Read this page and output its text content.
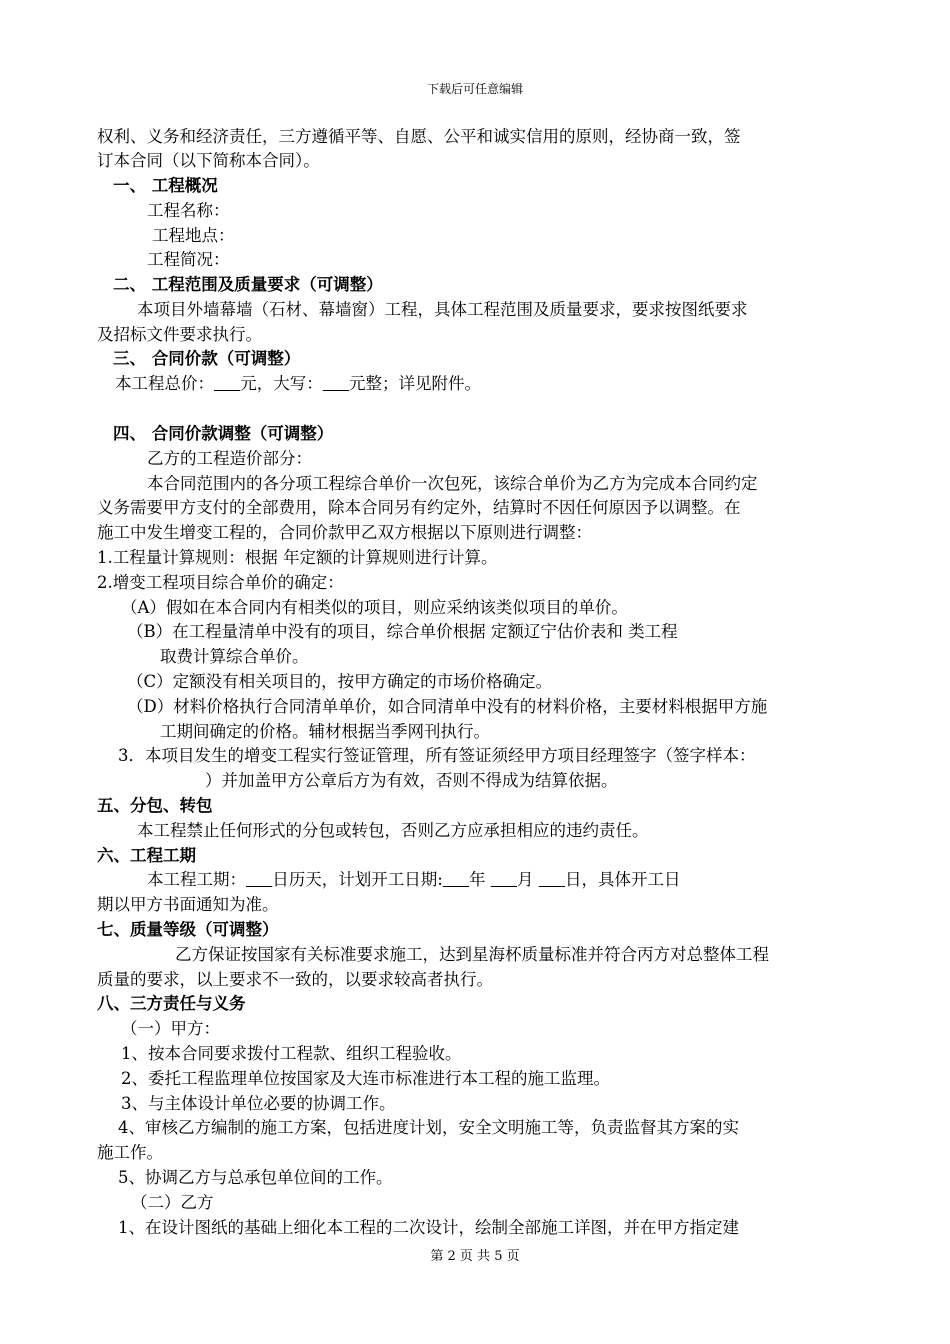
下载后可任意编辑
权利、义务和经济责任，三方遵循平等、自愿、公平和诚实信用的原则，经协商一致，签
订本合同（以下简称本合同）。
一、 工程概况
工程名称：
工程地点：
工程简况：
二、 工程范围及质量要求（可调整）
本项目外墙幕墙（石材、幕墙窗）工程，具体工程范围及质量要求，要求按图纸要求
及招标文件要求执行。
三、 合同价款（可调整）
本工程总价： 元，大写： 元整；详见附件。
四、 合同价款调整（可调整）
乙方的工程造价部分：
本合同范围内的各分项工程综合单价一次包死，该综合单价为乙方为完成本合同约定
义务需要甲方支付的全部费用，除本合同另有约定外，结算时不因任何原因予以调整。在
施工中发生增变工程的，合同价款甲乙双方根据以下原则进行调整：
1.工程量计算规则：根据 年定额的计算规则进行计算。
2.增变工程项目综合单价的确定：
（A）假如在本合同内有相类似的项目，则应采纳该类似项目的单价。
（B）在工程量清单中没有的项目，综合单价根据 定额辽宁估价表和 类工程
取费计算综合单价。
（C）定额没有相关项目的，按甲方确定的市场价格确定。
（D）材料价格执行合同清单单价，如合同清单中没有的材料价格，主要材料根据甲方施
工期间确定的价格。辅材根据当季网刊执行。
3．本项目发生的增变工程实行签证管理，所有签证须经甲方项目经理签字（签字样本：
）并加盖甲方公章后方为有效，否则不得成为结算依据。
五、分包、转包
本工程禁止任何形式的分包或转包，否则乙方应承担相应的违约责任。
六、工程工期
本工程工期： 日历天，计划开工日期: 年      月      日，具体开工日
期以甲方书面通知为准。
七、质量等级（可调整）
乙方保证按国家有关标准要求施工，达到星海杯质量标准并符合丙方对总整体工程
质量的要求，以上要求不一致的，以要求较高者执行。
八、三方责任与义务
（一）甲方：
1、按本合同要求拨付工程款、组织工程验收。
2、委托工程监理单位按国家及大连市标准进行本工程的施工监理。
3、与主体设计单位必要的协调工作。
4、审核乙方编制的施工方案，包括进度计划，安全文明施工等，负责监督其方案的实
施工作。
5、协调乙方与总承包单位间的工作。
（二）乙方
1、在设计图纸的基础上细化本工程的二次设计，绘制全部施工详图，并在甲方指定建
第 2 页 共 5 页
